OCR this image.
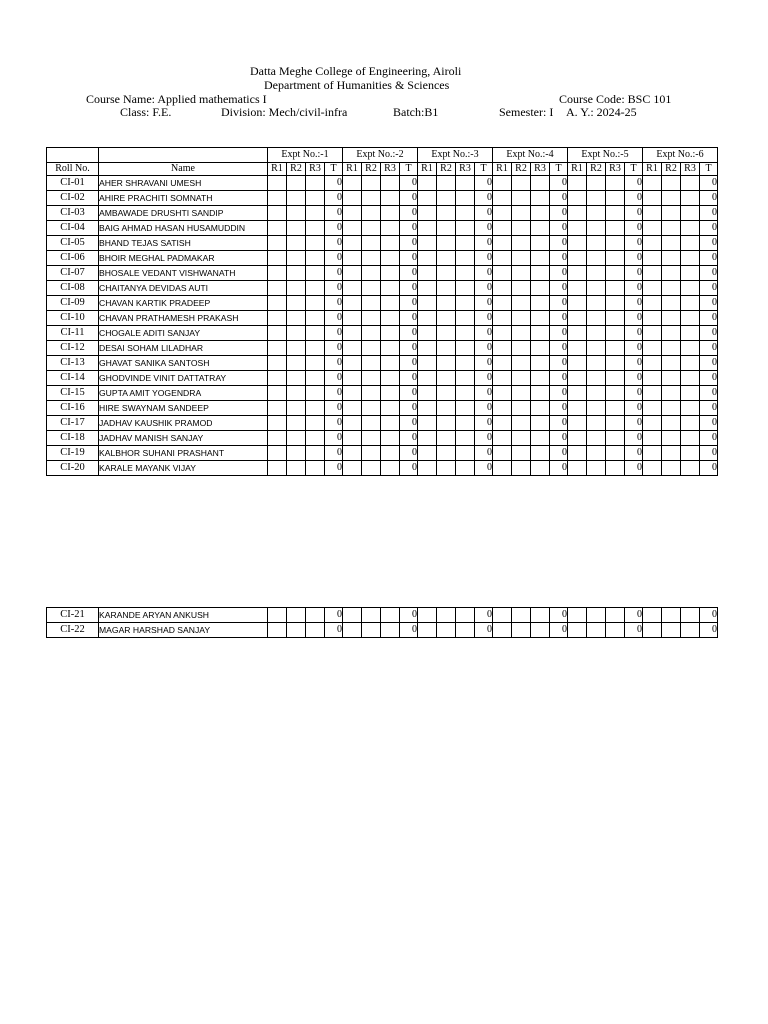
Datta Meghe College of Engineering, Airoli
Department of Humanities & Sciences
Course Name: Applied mathematics I	Course Code: BSC 101
Class: F.E.	Division: Mech/civil-infra	Batch:B1	Semester: I A. Y.: 2024-25
		Expt No.:-1				Expt No.:-2				Expt No.:-3				Expt No.:-4				Expt No.:-5				Expt No.:-6			
Roll No.	Name	R1	R2	R3	T	R1	R2	R3	T	R1	R2	R3	T	R1	R2	R3	T	R1	R2	R3	T	R1	R2	R3	T
CI-01	AHER SHRAVANI UMESH				0				0				0				0				0				0
CI-02	AHIRE PRACHITI SOMNATH				0				0				0				0				0				0
CI-03	AMBAWADE DRUSHTI SANDIP				0				0				0				0				0				0
CI-04	BAIG AHMAD HASAN HUSAMUDDIN				0				0				0				0				0				0
CI-05	BHAND TEJAS SATISH				0				0				0				0				0				0
CI-06	BHOIR MEGHAL PADMAKAR				0				0				0				0				0				0
CI-07	BHOSALE VEDANT VISHWANATH				0				0				0				0				0				0
CI-08	CHAITANYA DEVIDAS AUTI				0				0				0				0				0				0
CI-09	CHAVAN KARTIK PRADEEP				0				0				0				0				0				0
CI-10	CHAVAN PRATHAMESH PRAKASH				0				0				0				0				0				0
CI-11	CHOGALE ADITI SANJAY				0				0				0				0				0				0
CI-12	DESAI SOHAM LILADHAR				0				0				0				0				0				0
CI-13	GHAVAT SANIKA SANTOSH				0				0				0				0				0				0
CI-14	GHODVINDE VINIT DATTATRAY				0				0				0				0				0				0
CI-15	GUPTA AMIT YOGENDRA				0				0				0				0				0				0
CI-16	HIRE SWAYNAM SANDEEP				0				0				0				0				0				0
CI-17	JADHAV KAUSHIK PRAMOD				0				0				0				0				0				0
CI-18	JADHAV MANISH SANJAY				0				0				0				0				0				0
CI-19	KALBHOR SUHANI PRASHANT				0				0				0				0				0				0
CI-20	KARALE MAYANK VIJAY				0				0				0				0				0				0
CI-21	KARANDE ARYAN ANKUSH				0				0				0				0				0				0
CI-22	MAGAR HARSHAD SANJAY				0				0				0				0				0				0
